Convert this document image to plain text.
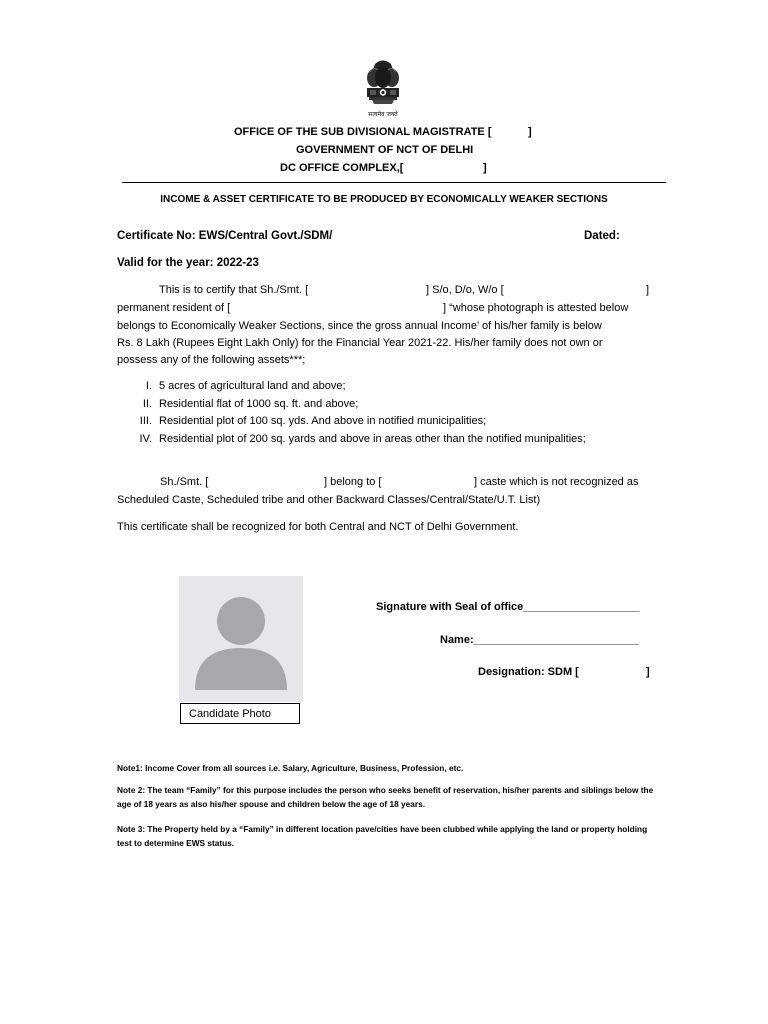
सत्यमेव जयते
OFFICE OF THE SUB DIVISIONAL MAGISTRATE [	]
GOVERNMENT OF NCT OF DELHI
DC OFFICE COMPLEX,[	]
INCOME & ASSET CERTIFICATE TO BE PRODUCED BY ECONOMICALLY WEAKER SECTIONS
Certificate No: EWS/Central Govt./SDM/	Dated:
Valid for the year: 2022-23
This is to certify that Sh./Smt. [	] S/o, D/o, W/o [	]
permanent resident of [	] “whose photograph is attested below
belongs to Economically Weaker Sections, since the gross annual Income’ of his/her family is below
Rs. 8 Lakh (Rupees Eight Lakh Only) for the Financial Year 2021-22. His/her family does not own or
possess any of the following assets***;
I. 5 acres of agricultural land and above;
II. Residential flat of 1000 sq. ft. and above;
III. Residential plot of 100 sq. yds. And above in notified municipalities;
IV. Residential plot of 200 sq. yards and above in areas other than the notified munipalities;
Sh./Smt. [	] belong to [	] caste which is not recognized as
Scheduled Caste, Scheduled tribe and other Backward Classes/Central/State/U.T. List)
This certificate shall be recognized for both Central and NCT of Delhi Government.
Candidate Photo
Signature with Seal of office___________________
Name:___________________________
Designation: SDM [	]
Note1: Income Cover from all sources i.e. Salary, Agriculture, Business, Profession, etc.
Note 2: The team “Family” for this purpose includes the person who seeks benefit of reservation, his/her parents and siblings below the age of 18 years as also his/her spouse and children below the age of 18 years.
Note 3: The Property held by a “Family” in different location pave/cities have been clubbed while applying the land or property holding test to determine EWS status.
